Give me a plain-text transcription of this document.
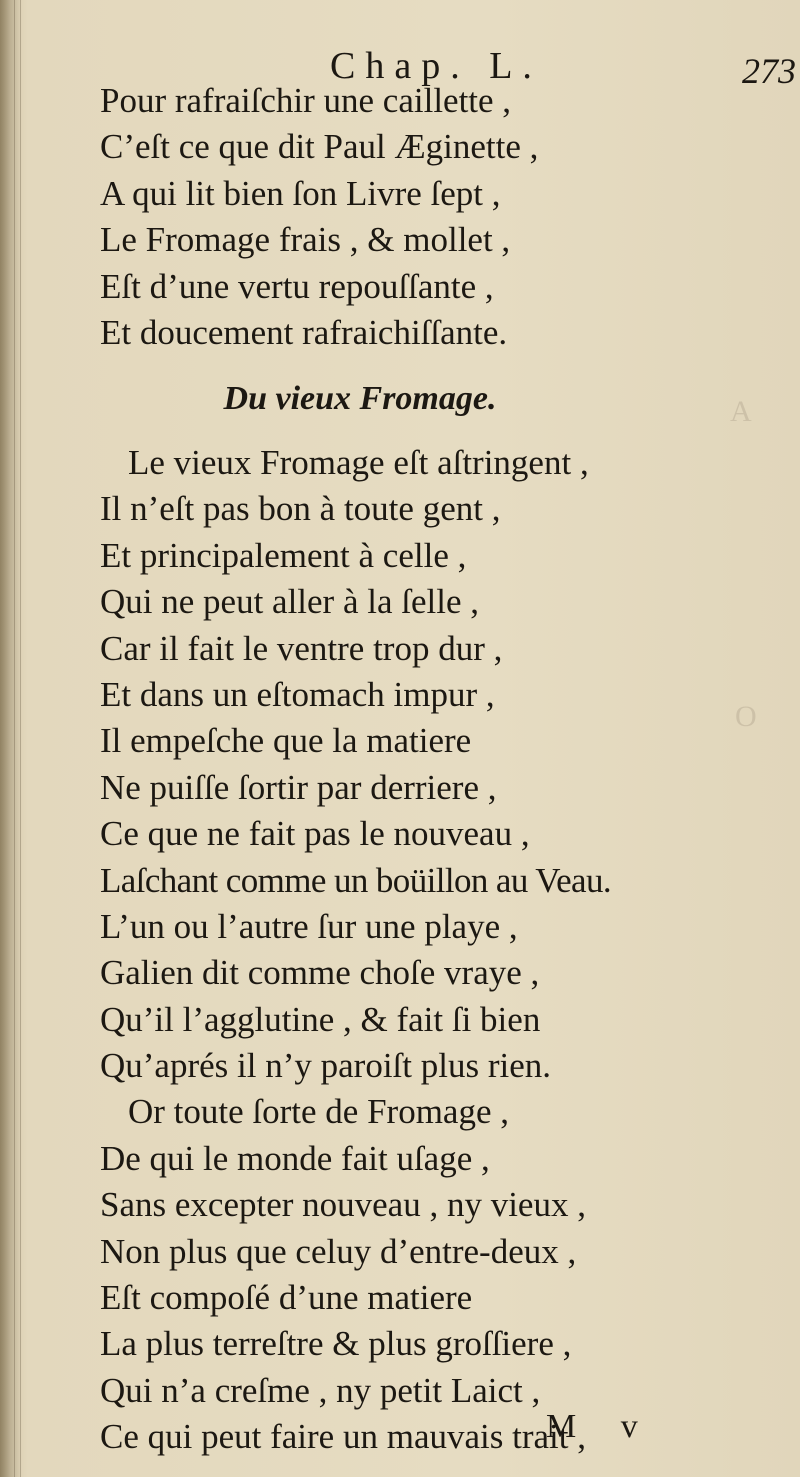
A
O
Chap. L.	273
Pour rafraiſchir une caillette ,
C’eſt ce que dit Paul Æginette ,
A qui lit bien ſon Livre ſept ,
Le Fromage frais , & mollet ,
Eſt d’une vertu repouſſante ,
Et doucement rafraichiſſante.
Du vieux Fromage.
Le vieux Fromage eſt aſtringent ,
Il n’eſt pas bon à toute gent ,
Et principalement à celle ,
Qui ne peut aller à la ſelle ,
Car il fait le ventre trop dur ,
Et dans un eſtomach impur ,
Il empeſche que la matiere
Ne puiſſe ſortir par derriere ,
Ce que ne fait pas le nouveau ,
Laſchant comme un boüillon au Veau.
L’un ou l’autre ſur une playe ,
Galien dit comme choſe vraye ,
Qu’il l’agglutine , & fait ſi bien
Qu’aprés il n’y paroiſt plus rien.
Or toute ſorte de Fromage ,
De qui le monde fait uſage ,
Sans excepter nouveau , ny vieux ,
Non plus que celuy d’entre-deux ,
Eſt compoſé d’une matiere
La plus terreſtre & plus groſſiere ,
Qui n’a creſme , ny petit Laict ,
Ce qui peut faire un mauvais trait ,
M v
